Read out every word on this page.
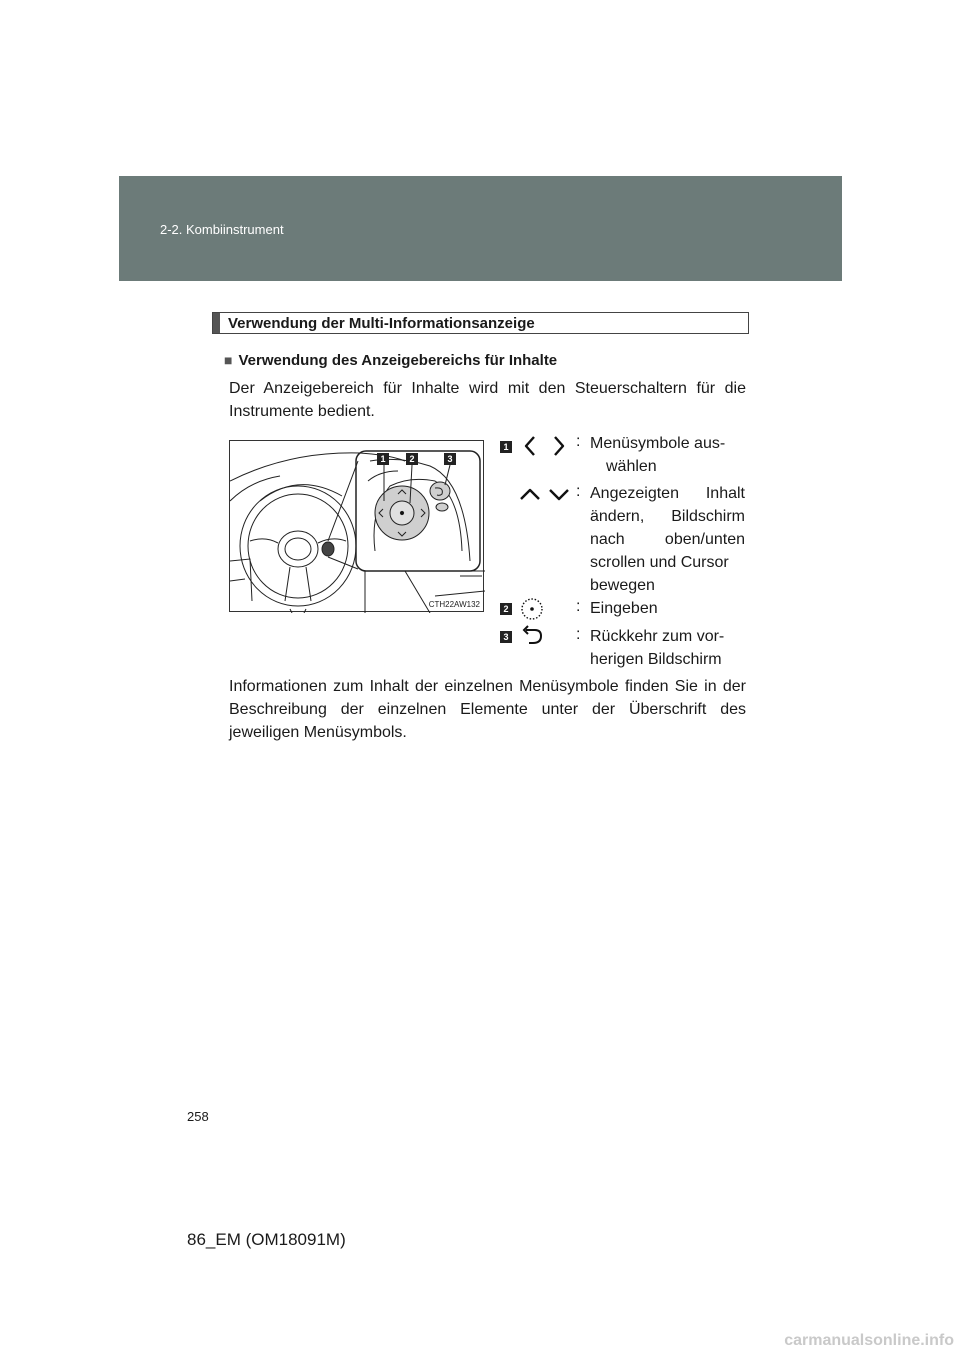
2-2. Kombiinstrument
Verwendung der Multi-Informationsanzeige
■ Verwendung des Anzeigebereichs für Inhalte
Der Anzeigebereich für Inhalte wird mit den Steuerschaltern für die Instrumente bedient.
1	2	3
CTH22AW132
1	: Menüsymbole aus-
wählen
: Angezeigten Inhalt ändern, Bildschirm nach oben/unten scrollen und Cursor
bewegen
2	: Eingeben
3	: Rückkehr zum vor-
herigen Bildschirm
Informationen zum Inhalt der einzelnen Menüsymbole finden Sie in der Beschreibung der einzelnen Elemente unter der Überschrift des jeweiligen Menüsymbols.
258
86_EM (OM18091M)
carmanualsonline.info
